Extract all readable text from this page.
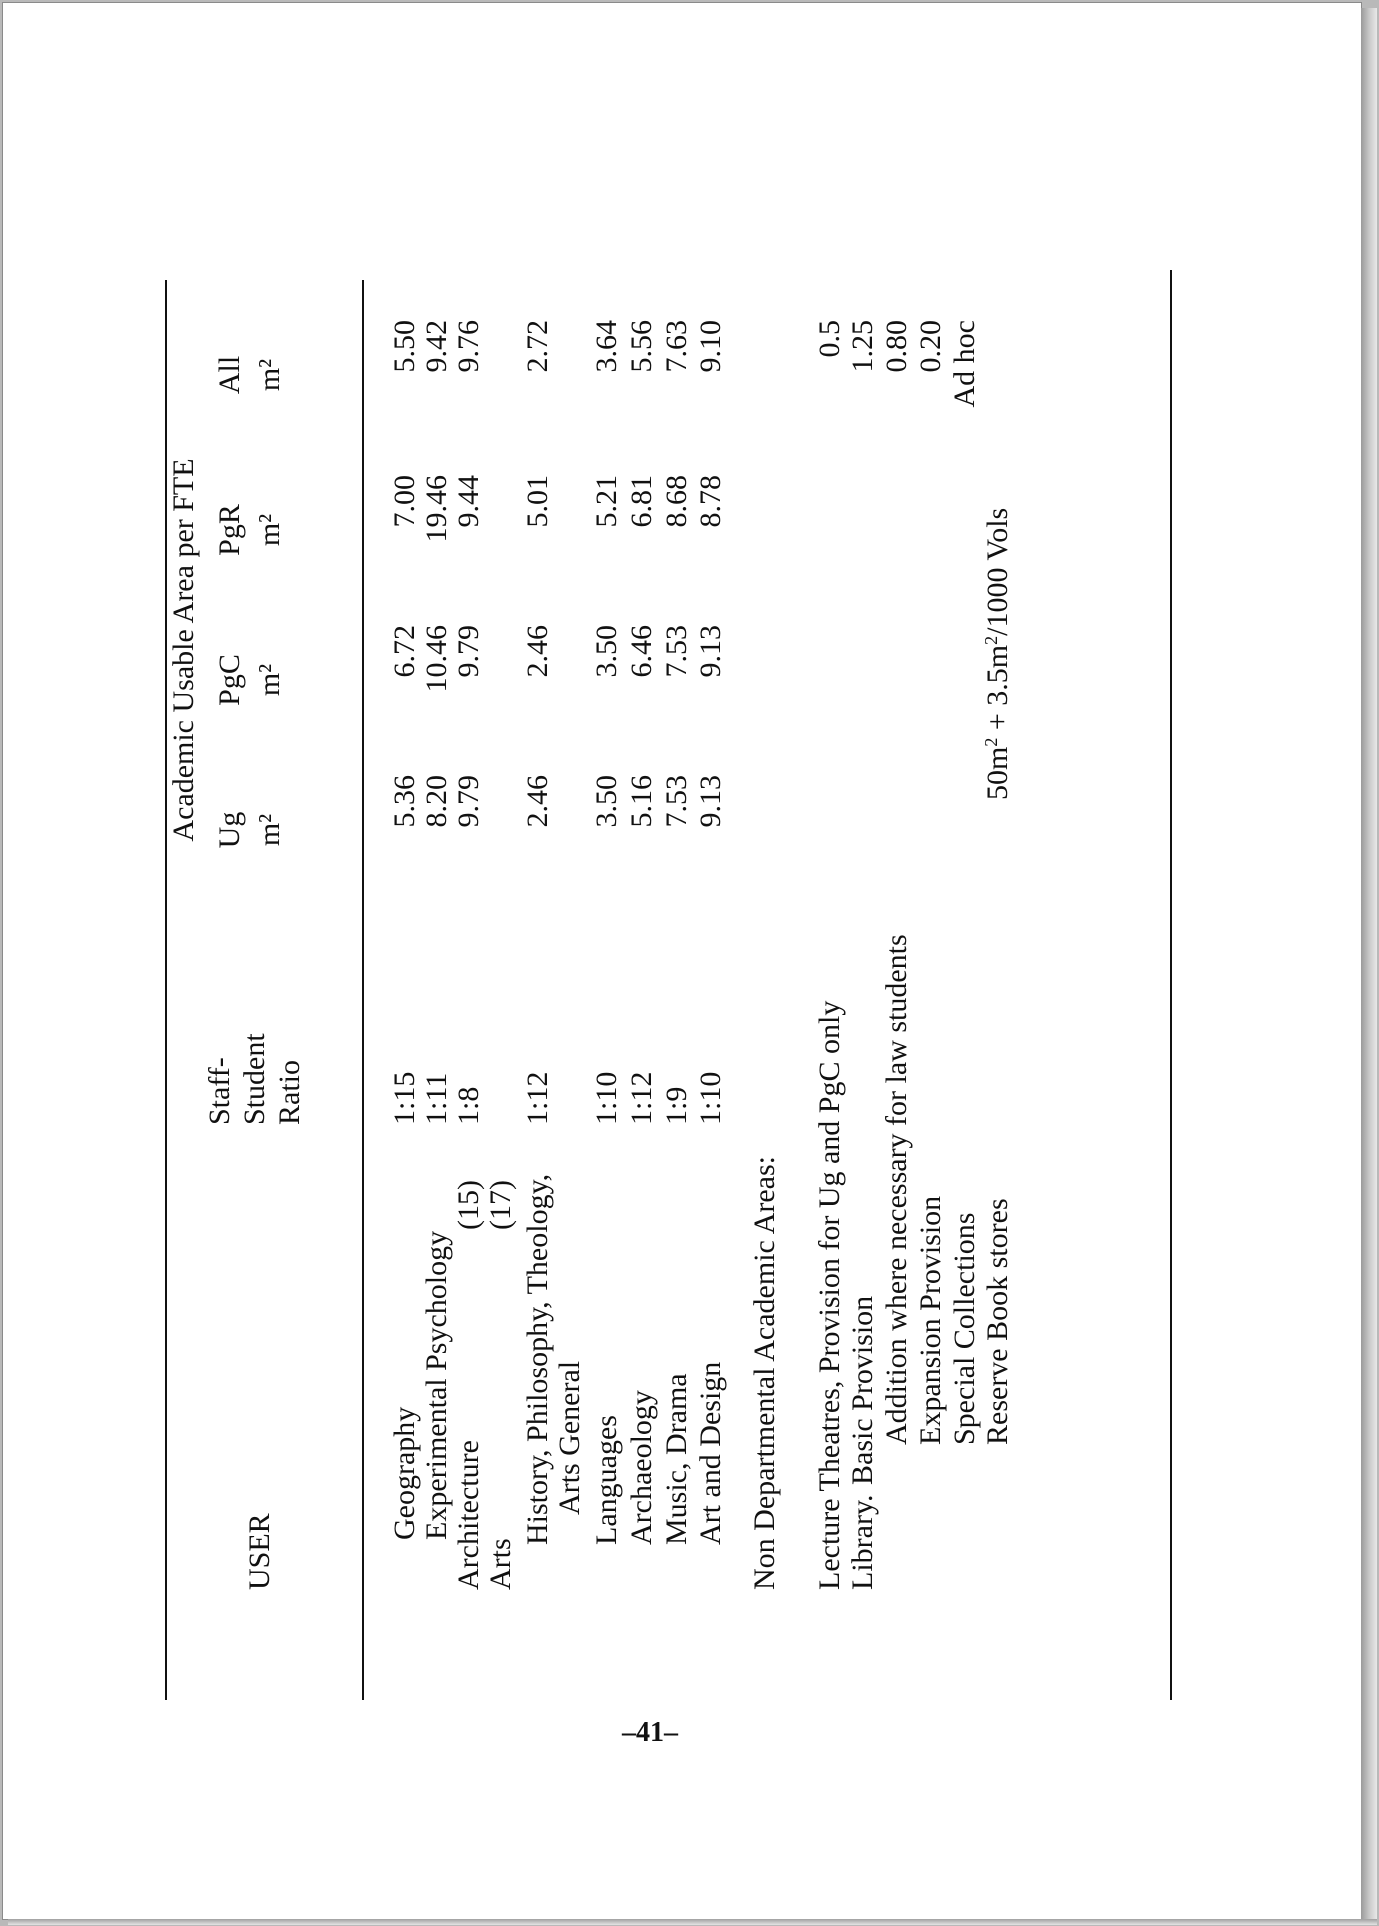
USER
Staff- Student Ratio
Academic Usable Area per FTE Ug m²
PgC m²
PgR m²
All m²
Geography
1:15
5.36
6.72
7.00
5.50
Experimental Psychology
1:11
8.20
10.46
19.46
9.42
Architecture
(15)
1:8
9.79
9.79
9.44
9.76
Arts
(17) History, Philosophy, Theology,
1:12
2.46
2.46
5.01
2.72
Arts General Languages
1:10
3.50
3.50
5.21
3.64
Archaeology
1:12
5.16
6.46
6.81
5.56
Music, Drama
1:9
7.53
7.53
8.68
7.63
Art and Design
1:10
9.13
9.13
8.78
9.10
Non Departmental Academic Areas: Lecture Theatres, Provision for Ug and PgC only
0.5
Library.
Basic Provision
1.25
Addition where necessary for law students
0.80
Expansion Provision
0.20
Special Collections
Ad hoc
Reserve Book stores
$50m^2 + 3.5m^2/1000$ Vols
–41–
